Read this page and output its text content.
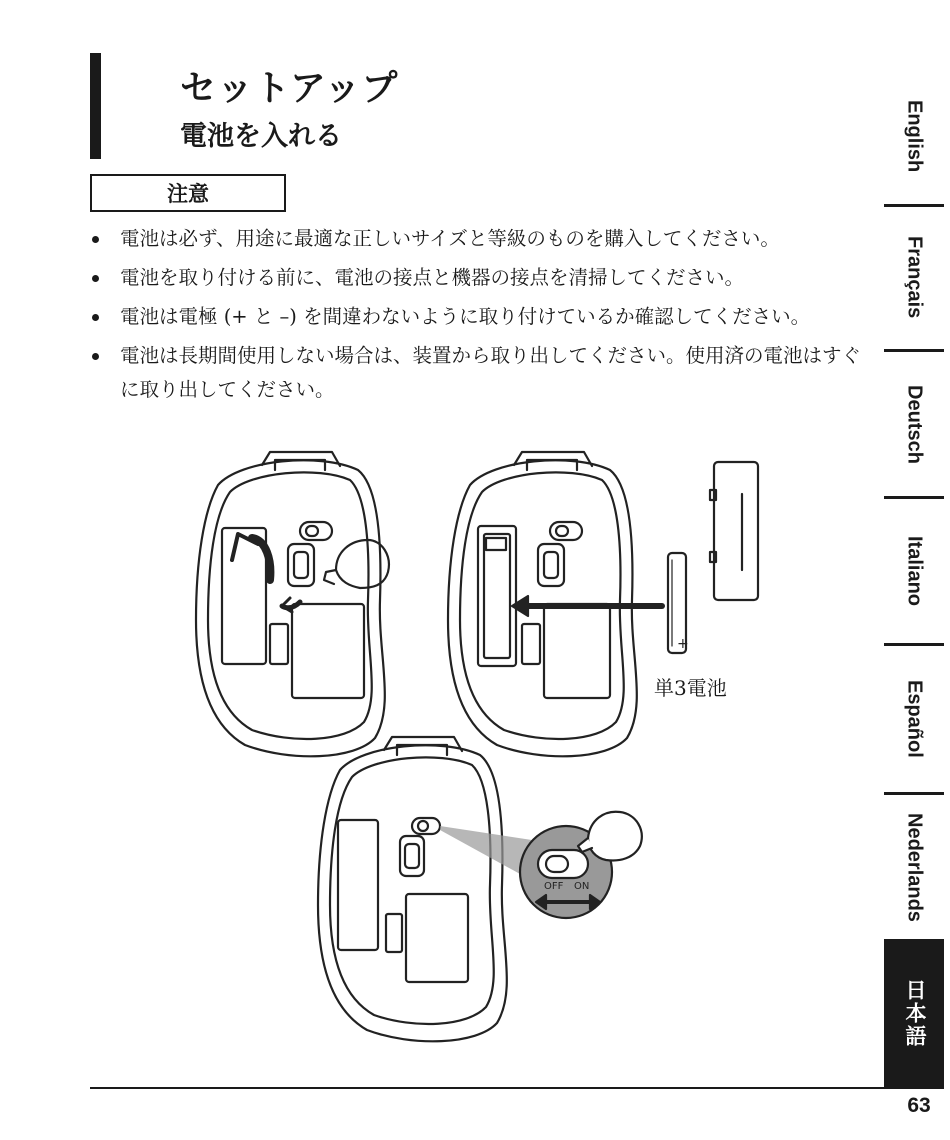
セットアップ
電池を入れる
注意
電池は必ず、用途に最適な正しいサイズと等級のものを購入してください。
電池を取り付ける前に、電池の接点と機器の接点を清掃してください。
電池は電極 (+ と –) を間違わないように取り付けているか確認してください。
電池は長期間使用しない場合は、装置から取り出してください。使用済の電池はすぐに取り出してください。
+
OFF ON
単3電池
English
Français
Deutsch
Italiano
Español
Nederlands
日本語
63
